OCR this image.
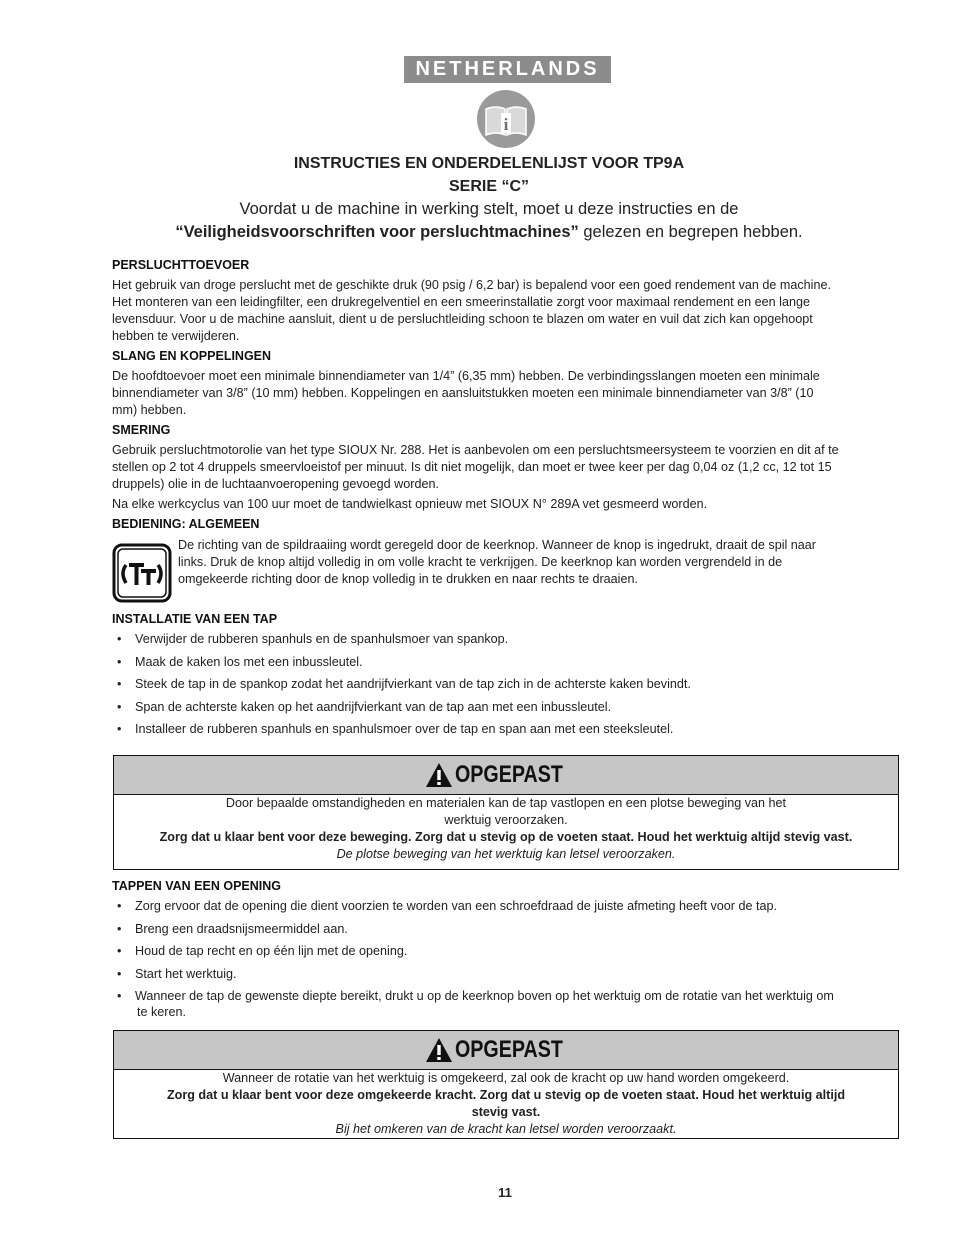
NETHERLANDS
i
INSTRUCTIES EN ONDERDELENLIJST VOOR TP9A
SERIE “C”
Voordat u de machine in werking stelt, moet u deze instructies en de
“Veiligheidsvoorschriften voor persluchtmachines” gelezen en begrepen hebben.
PERSLUCHTTOEVOER
Het gebruik van droge perslucht met de geschikte druk (90 psig / 6,2 bar) is bepalend voor een goed rendement van de machine.
Het monteren van een leidingfilter, een drukregelventiel en een smeerinstallatie zorgt voor maximaal rendement en een lange
levensduur. Voor u de machine aansluit, dient u de persluchtleiding schoon te blazen om water en vuil dat zich kan opgehoopt
hebben te verwijderen.
SLANG EN KOPPELINGEN
De hoofdtoevoer moet een minimale binnendiameter van 1/4” (6,35 mm) hebben. De verbindingsslangen moeten een minimale
binnendiameter van 3/8” (10 mm) hebben. Koppelingen en aansluitstukken moeten een minimale binnendiameter van 3/8” (10
mm) hebben.
SMERING
Gebruik persluchtmotorolie van het type SIOUX Nr. 288. Het is aanbevolen om een persluchtsmeersysteem te voorzien en dit af te
stellen op 2 tot 4 druppels smeervloeistof per minuut. Is dit niet mogelijk, dan moet er twee keer per dag 0,04 oz (1,2 cc, 12 tot 15
druppels) olie in de luchtaanvoeropening gevoegd worden.
Na elke werkcyclus van 100 uur moet de tandwielkast opnieuw met SIOUX N° 289A vet gesmeerd worden.
BEDIENING: ALGEMEEN
De richting van de spildraaiing wordt geregeld door de keerknop. Wanneer de knop is ingedrukt, draait de spil naar
links. Druk de knop altijd volledig in om volle kracht te verkrijgen. De keerknop kan worden vergrendeld in de
omgekeerde richting door de knop volledig in te drukken en naar rechts te draaien.
INSTALLATIE VAN EEN TAP
• Verwijder de rubberen spanhuls en de spanhulsmoer van spankop.
• Maak de kaken los met een inbussleutel.
• Steek de tap in de spankop zodat het aandrijfvierkant van de tap zich in de achterste kaken bevindt.
• Span de achterste kaken op het aandrijfvierkant van de tap aan met een inbussleutel.
• Installeer de rubberen spanhuls en spanhulsmoer over de tap en span aan met een steeksleutel.
OPGEPAST
Door bepaalde omstandigheden en materialen kan de tap vastlopen en een plotse beweging van het
werktuig veroorzaken.
Zorg dat u klaar bent voor deze beweging. Zorg dat u stevig op de voeten staat. Houd het werktuig altijd stevig vast.
De plotse beweging van het werktuig kan letsel veroorzaken.
TAPPEN VAN EEN OPENING
• Zorg ervoor dat de opening die dient voorzien te worden van een schroefdraad de juiste afmeting heeft voor de tap.
• Breng een draadsnijsmeermiddel aan.
• Houd de tap recht en op één lijn met de opening.
• Start het werktuig.
• Wanneer de tap de gewenste diepte bereikt, drukt u op de keerknop boven op het werktuig om de rotatie van het werktuig om
te keren.
OPGEPAST
Wanneer de rotatie van het werktuig is omgekeerd, zal ook de kracht op uw hand worden omgekeerd.
Zorg dat u klaar bent voor deze omgekeerde kracht. Zorg dat u stevig op de voeten staat. Houd het werktuig altijd
stevig vast.
Bij het omkeren van de kracht kan letsel worden veroorzaakt.
11
